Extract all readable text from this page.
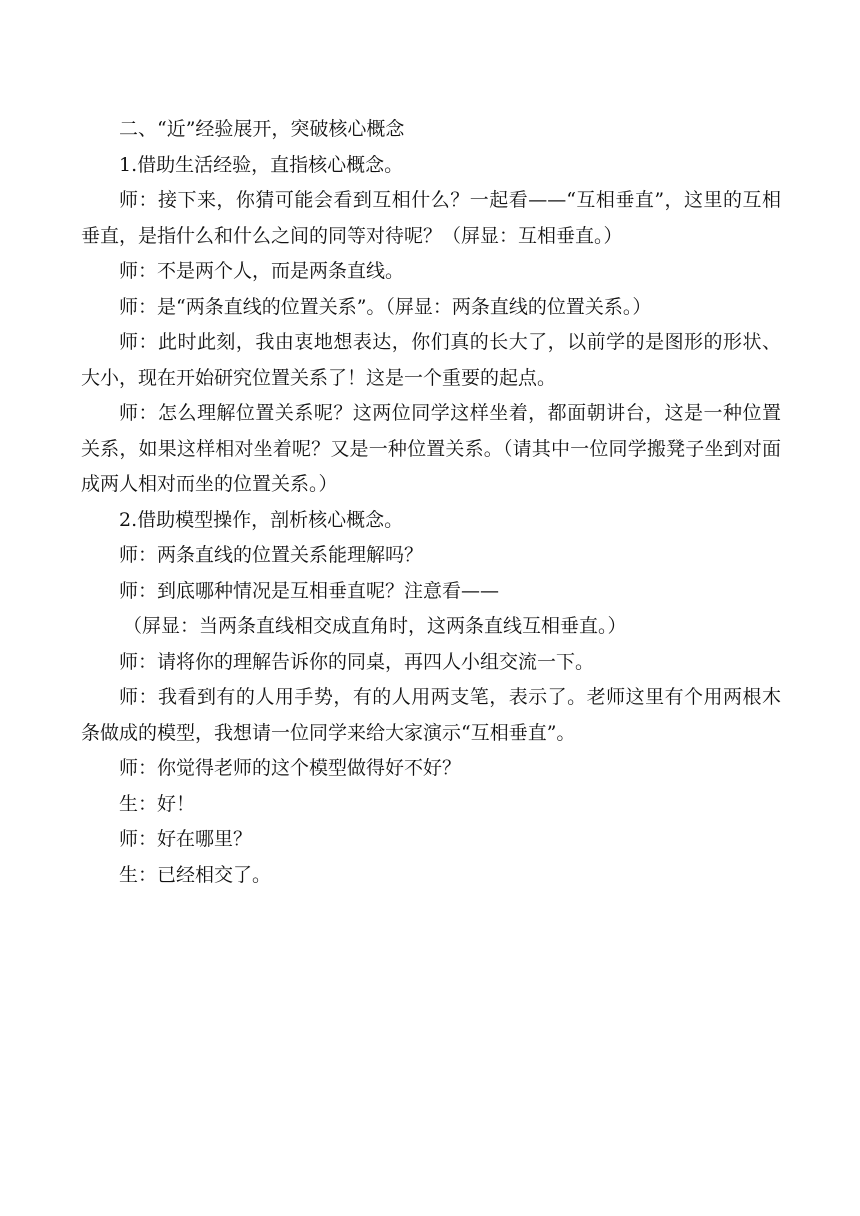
二、“近”经验展开，突破核心概念

1.借助生活经验，直指核心概念。

师：接下来，你猜可能会看到互相什么？一起看——“互相垂直”，这里的互相垂直，是指什么和什么之间的同等对待呢？（屏显：互相垂直。）

师：不是两个人，而是两条直线。

师：是“两条直线的位置关系”。（屏显：两条直线的位置关系。）

师：此时此刻，我由衷地想表达，你们真的长大了，以前学的是图形的形状、大小，现在开始研究位置关系了！这是一个重要的起点。

师：怎么理解位置关系呢？这两位同学这样坐着，都面朝讲台，这是一种位置关系，如果这样相对坐着呢？又是一种位置关系。（请其中一位同学搬凳子坐到对面成两人相对而坐的位置关系。）

2.借助模型操作，剖析核心概念。

师：两条直线的位置关系能理解吗？

师：到底哪种情况是互相垂直呢？注意看——

（屏显：当两条直线相交成直角时，这两条直线互相垂直。）

师：请将你的理解告诉你的同桌，再四人小组交流一下。

师：我看到有的人用手势，有的人用两支笔，表示了。老师这里有个用两根木条做成的模型，我想请一位同学来给大家演示“互相垂直”。

师：你觉得老师的这个模型做得好不好？

生：好！

师：好在哪里？

生：已经相交了。
